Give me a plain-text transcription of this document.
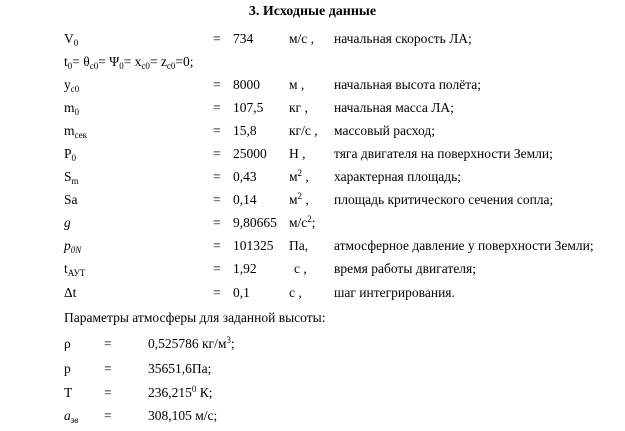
3. Исходные данные
$V_0$	= 734	м/с , начальная скорость ЛА;
$t_0= \theta_{c0}= \Psi_0= x_{c0}= z_{c0}=0$;
$y_{c0}$	= 8000 м , начальная высота полёта;
$m_0$	= 107,5 кг , начальная масса ЛА;
$m_{сек}$	= 15,8 кг/с , массовый расход;
$P_0$	= 25000 Н , тяга двигателя на поверхности Земли;
$S_m$	= 0,43 $м^2$ , характерная площадь;
Sa	= 0,14 $м^2$ , площадь критического сечения сопла;
g	= 9,80665 $м/с^2$;
$p_{0N}$	= 101325 Па, атмосферное давление у поверхности Земли;
$t_{АУТ}$	= 1,92	с , время работы двигателя;
Δt	= 0,1	с , шаг интегрирования.
Параметры атмосферы для заданной высоты:
ρ =	0,525786 $кг/м^3$;
p =	35651,6Па;
T =	$236,215^0$ К;
$a_{зв}$ =	308,105 м/с;
